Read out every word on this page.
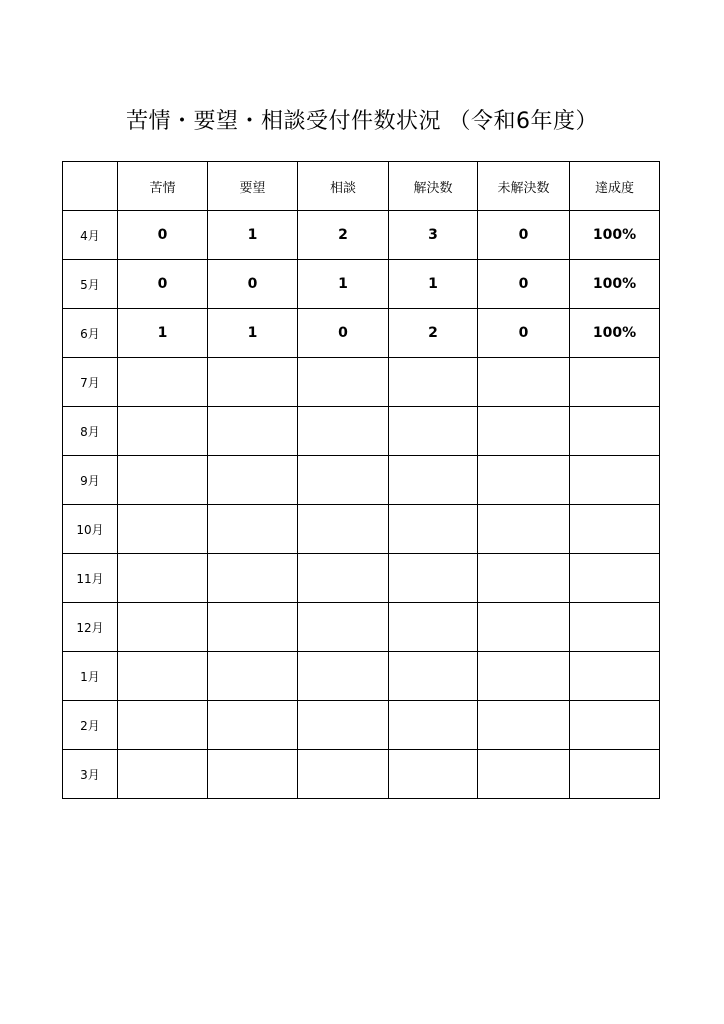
苦情・要望・相談受付件数状況 （令和6年度）
	苦情	要望	相談	解決数	未解決数	達成度
4月	0	1	2	3	0	100%
5月	0	0	1	1	0	100%
6月	1	1	0	2	0	100%
7月						
8月						
9月						
10月						
11月						
12月						
1月						
2月						
3月						
